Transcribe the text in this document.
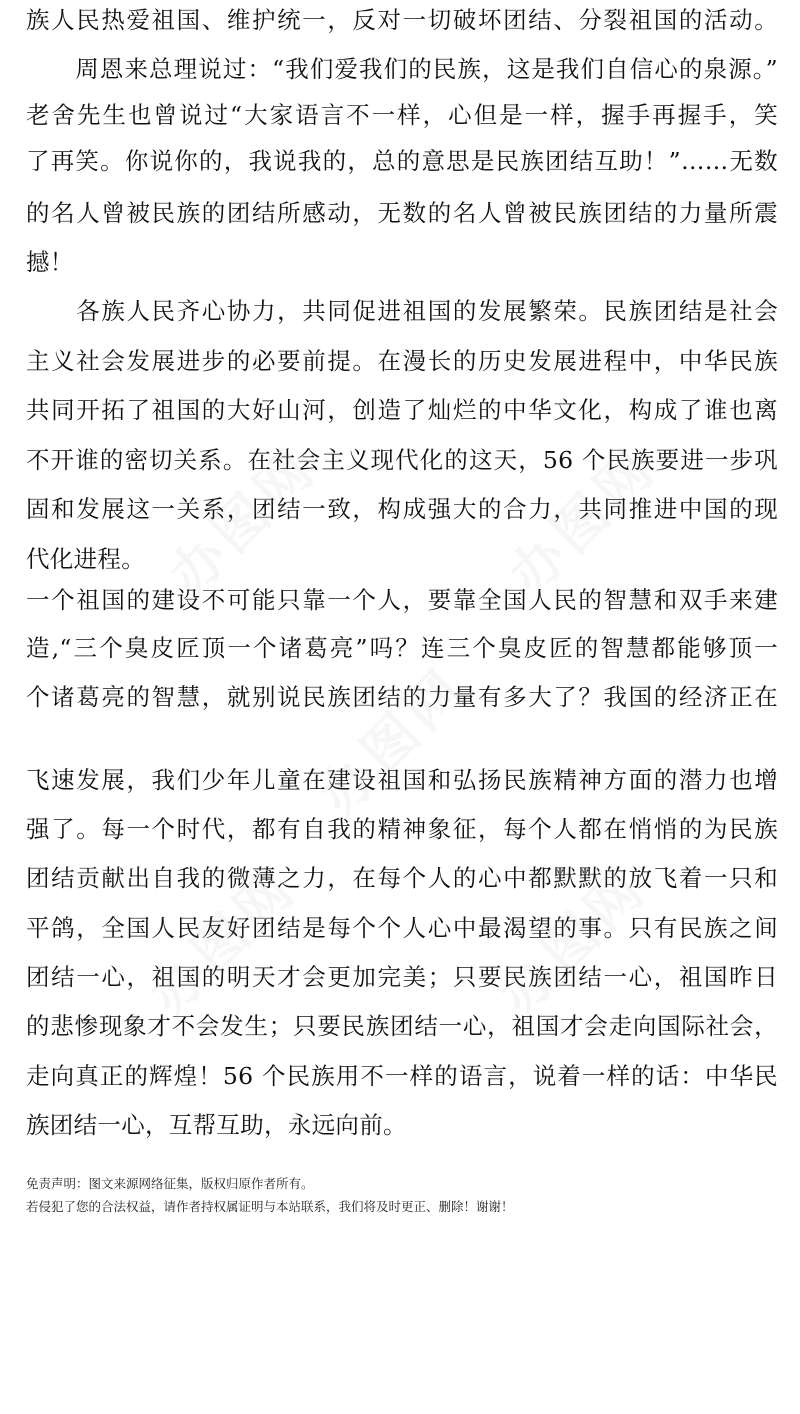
族人民热爱祖国、维护统一，反对一切破坏团结、分裂祖国的活动。
　　周恩来总理说过：“我们爱我们的民族，这是我们自信心的泉源。”
老舍先生也曾说过“大家语言不一样，心但是一样，握手再握手，笑
了再笑。你说你的，我说我的，总的意思是民族团结互助！”……无数
的名人曾被民族的团结所感动，无数的名人曾被民族团结的力量所震
撼！
　　各族人民齐心协力，共同促进祖国的发展繁荣。民族团结是社会
主义社会发展进步的必要前提。在漫长的历史发展进程中，中华民族
共同开拓了祖国的大好山河，创造了灿烂的中华文化，构成了谁也离
不开谁的密切关系。在社会主义现代化的这天，56 个民族要进一步巩
固和发展这一关系，团结一致，构成强大的合力，共同推进中国的现
代化进程。
一个祖国的建设不可能只靠一个人，要靠全国人民的智慧和双手来建
造,“三个臭皮匠顶一个诸葛亮”吗？连三个臭皮匠的智慧都能够顶一
个诸葛亮的智慧，就别说民族团结的力量有多大了？我国的经济正在
飞速发展，我们少年儿童在建设祖国和弘扬民族精神方面的潜力也增
强了。每一个时代，都有自我的精神象征，每个人都在悄悄的为民族
团结贡献出自我的微薄之力，在每个人的心中都默默的放飞着一只和
平鸽，全国人民友好团结是每个个人心中最渴望的事。只有民族之间
团结一心，祖国的明天才会更加完美；只要民族团结一心，祖国昨日
的悲惨现象才不会发生；只要民族团结一心，祖国才会走向国际社会，
走向真正的辉煌！56 个民族用不一样的语言，说着一样的话：中华民
族团结一心，互帮互助，永远向前。
免责声明：图文来源网络征集，版权归原作者所有。
若侵犯了您的合法权益，请作者持权属证明与本站联系，我们将及时更正、删除！谢谢！
办图网	办图网
办图网
办图网	办图网
